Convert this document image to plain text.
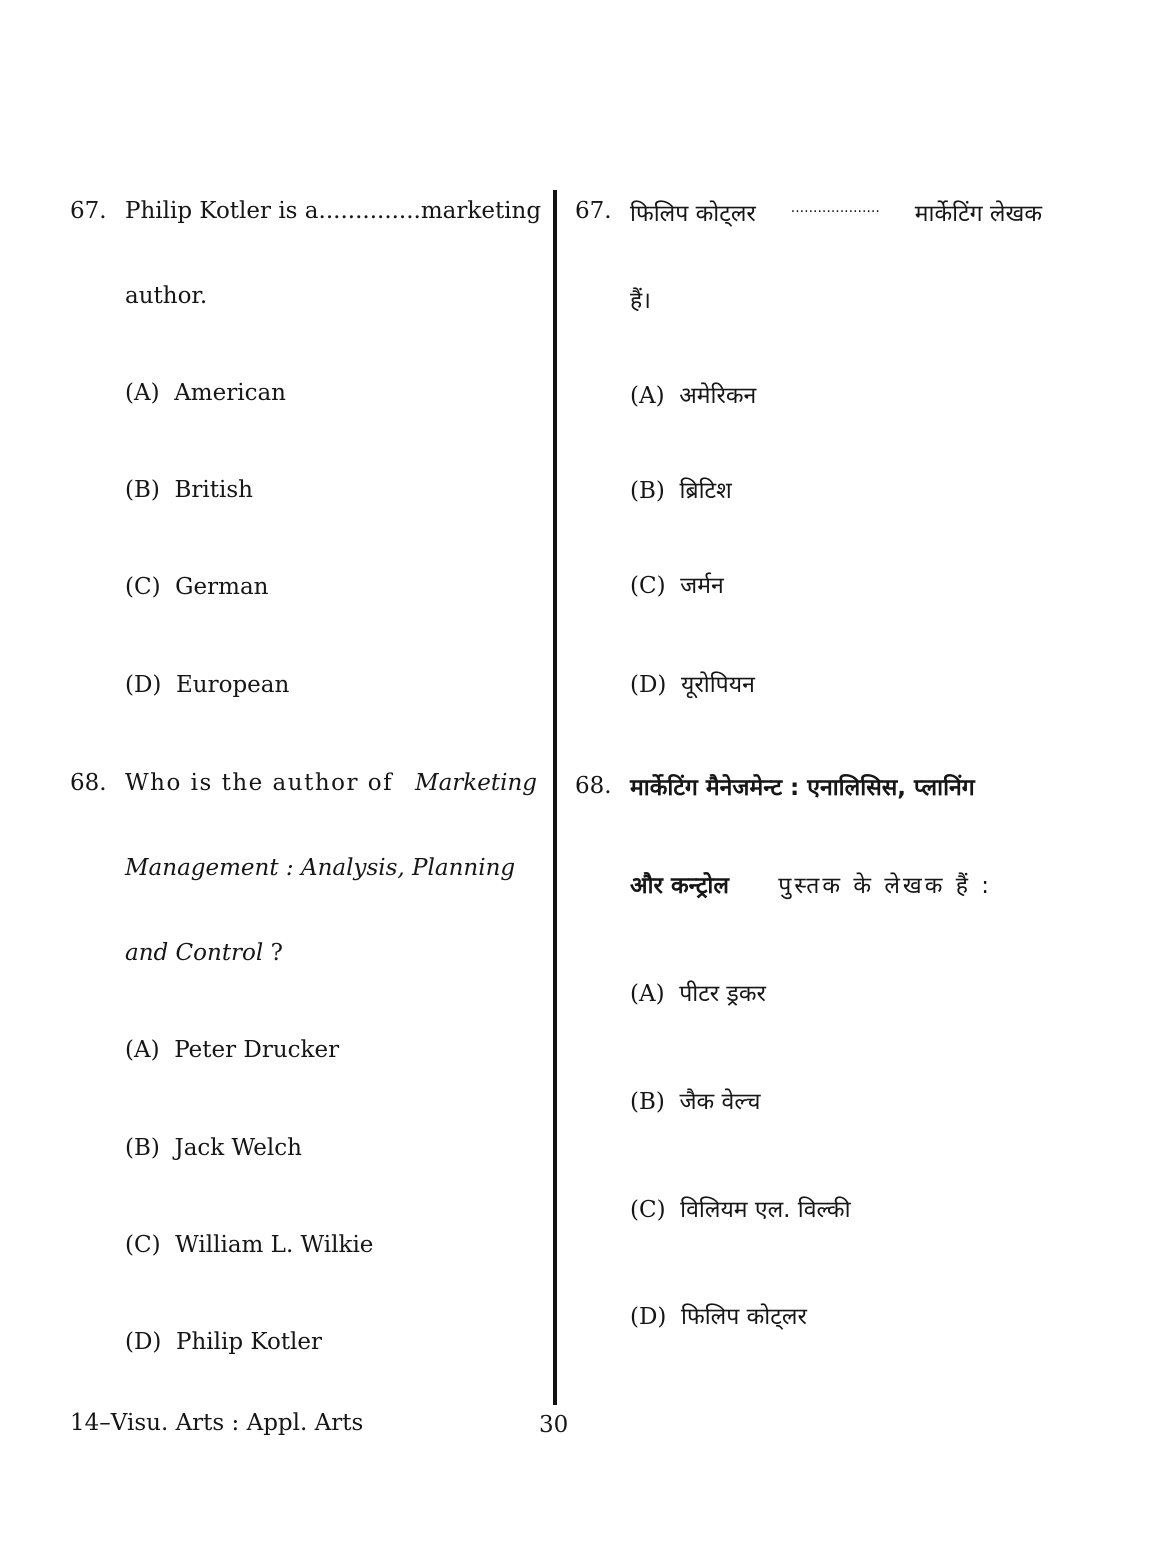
67. Philip Kotler is a .............. marketing
author.
(A) American
(B) British
(C) German
(D) European
68. Who is the author of Marketing
Management : Analysis, Planning
and Control ?
(A) Peter Drucker
(B) Jack Welch
(C) William L. Wilkie
(D) Philip Kotler
67. फिलिप कोट्लर .................... मार्केटिंग लेखक
हैं।
(A) अमेरिकन
(B) ब्रिटिश
(C) जर्मन
(D) यूरोपियन
68. मार्केटिंग मैनेजमेन्ट : एनालिसिस, प्लानिंग
और कन्ट्रोल पुस्तक के लेखक हैं :
(A) पीटर ड्रकर
(B) जैक वेल्च
(C) विलियम एल. विल्की
(D) फिलिप कोट्लर
14–Visu. Arts : Appl. Arts	30
